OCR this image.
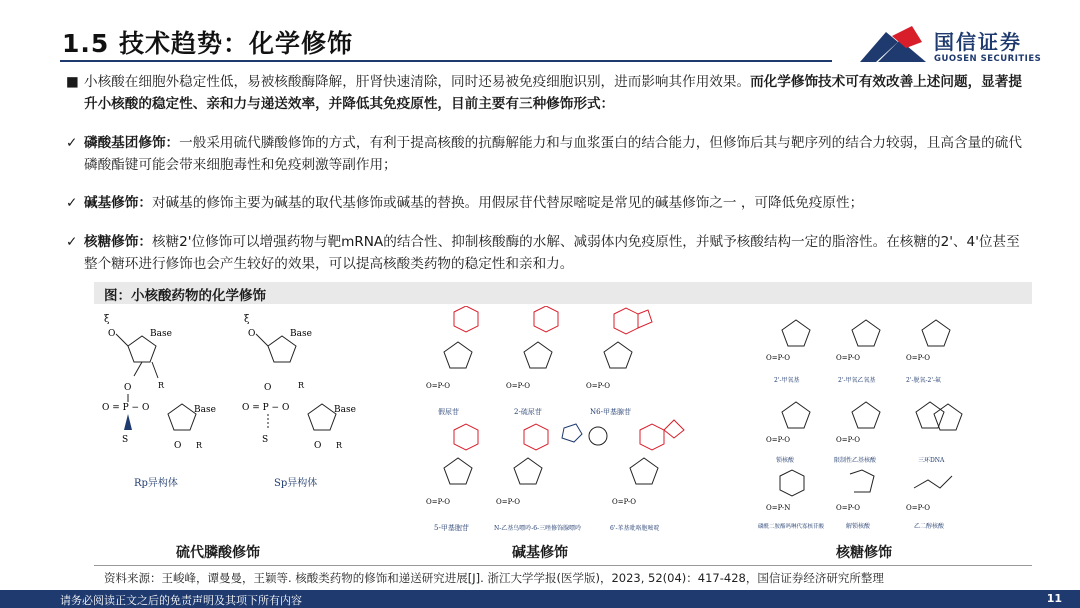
1.5 技术趋势：化学修饰	国信证券
GUOSEN SECURITIES
■ 小核酸在细胞外稳定性低，易被核酸酶降解，肝肾快速清除，同时还易被免疫细胞识别，进而影响其作用效果。而化学修饰技术可有效改善上述问题，显著提升小核酸的稳定性、亲和力与递送效率，并降低其免疫原性，目前主要有三种修饰形式：
✓ 磷酸基团修饰：一般采用硫代膦酸修饰的方式，有利于提高核酸的抗酶解能力和与血浆蛋白的结合能力，但修饰后其与靶序列的结合力较弱，且高含量的硫代磷酸酯键可能会带来细胞毒性和免疫刺激等副作用；
✓ 碱基修饰：对碱基的修饰主要为碱基的取代基修饰或碱基的替换。用假尿苷代替尿嘧啶是常见的碱基修饰之一 ，可降低免疫原性；
✓ 核糖修饰：核糖2'位修饰可以增强药物与靶mRNA的结合性、抑制核酸酶的水解、减弱体内免疫原性，并赋予核酸结构一定的脂溶性。在核糖的2'、4'位甚至整个糖环进行修饰也会产生较好的效果，可以提高核酸类药物的稳定性和亲和力。
图：小核酸药物的化学修饰
ξ
O	Base
R
O
O = P − O
S
Base
O R
Rp异构体
ξ
O	Base
R
O
O = P − O
S
Base
O R
Sp异构体
O=P-O
假尿苷
O=P-O
2-硫尿苷
O=P-O
N6-甲基腺苷
O=P-O
5-甲基胞苷
O=P-O
N-乙基鸟嘌呤-6-三唑修饰腺嘌呤
O=P-O
6'-苯基吡咯胞嘧啶
O=P-O
2'-甲氧基
O=P-O
2'-甲氧乙氧基
O=P-O
2'-脱氧-2'-氟
O=P-O
锁核酸
O=P-O
限制性乙基核酸	三环DNA
O=P-N
磷酰二胺酯吗啉代寡核苷酸
O=P-O
解锁核酸
O=P-O
乙二醇核酸
硫代膦酸修饰	碱基修饰	核糖修饰
资料来源：王峻峰，谭曼曼，王颖等. 核酸类药物的修饰和递送研究进展[J]. 浙江大学学报(医学版)，2023, 52(04)：417-428，国信证券经济研究所整理
请务必阅读正文之后的免责声明及其项下所有内容	11
